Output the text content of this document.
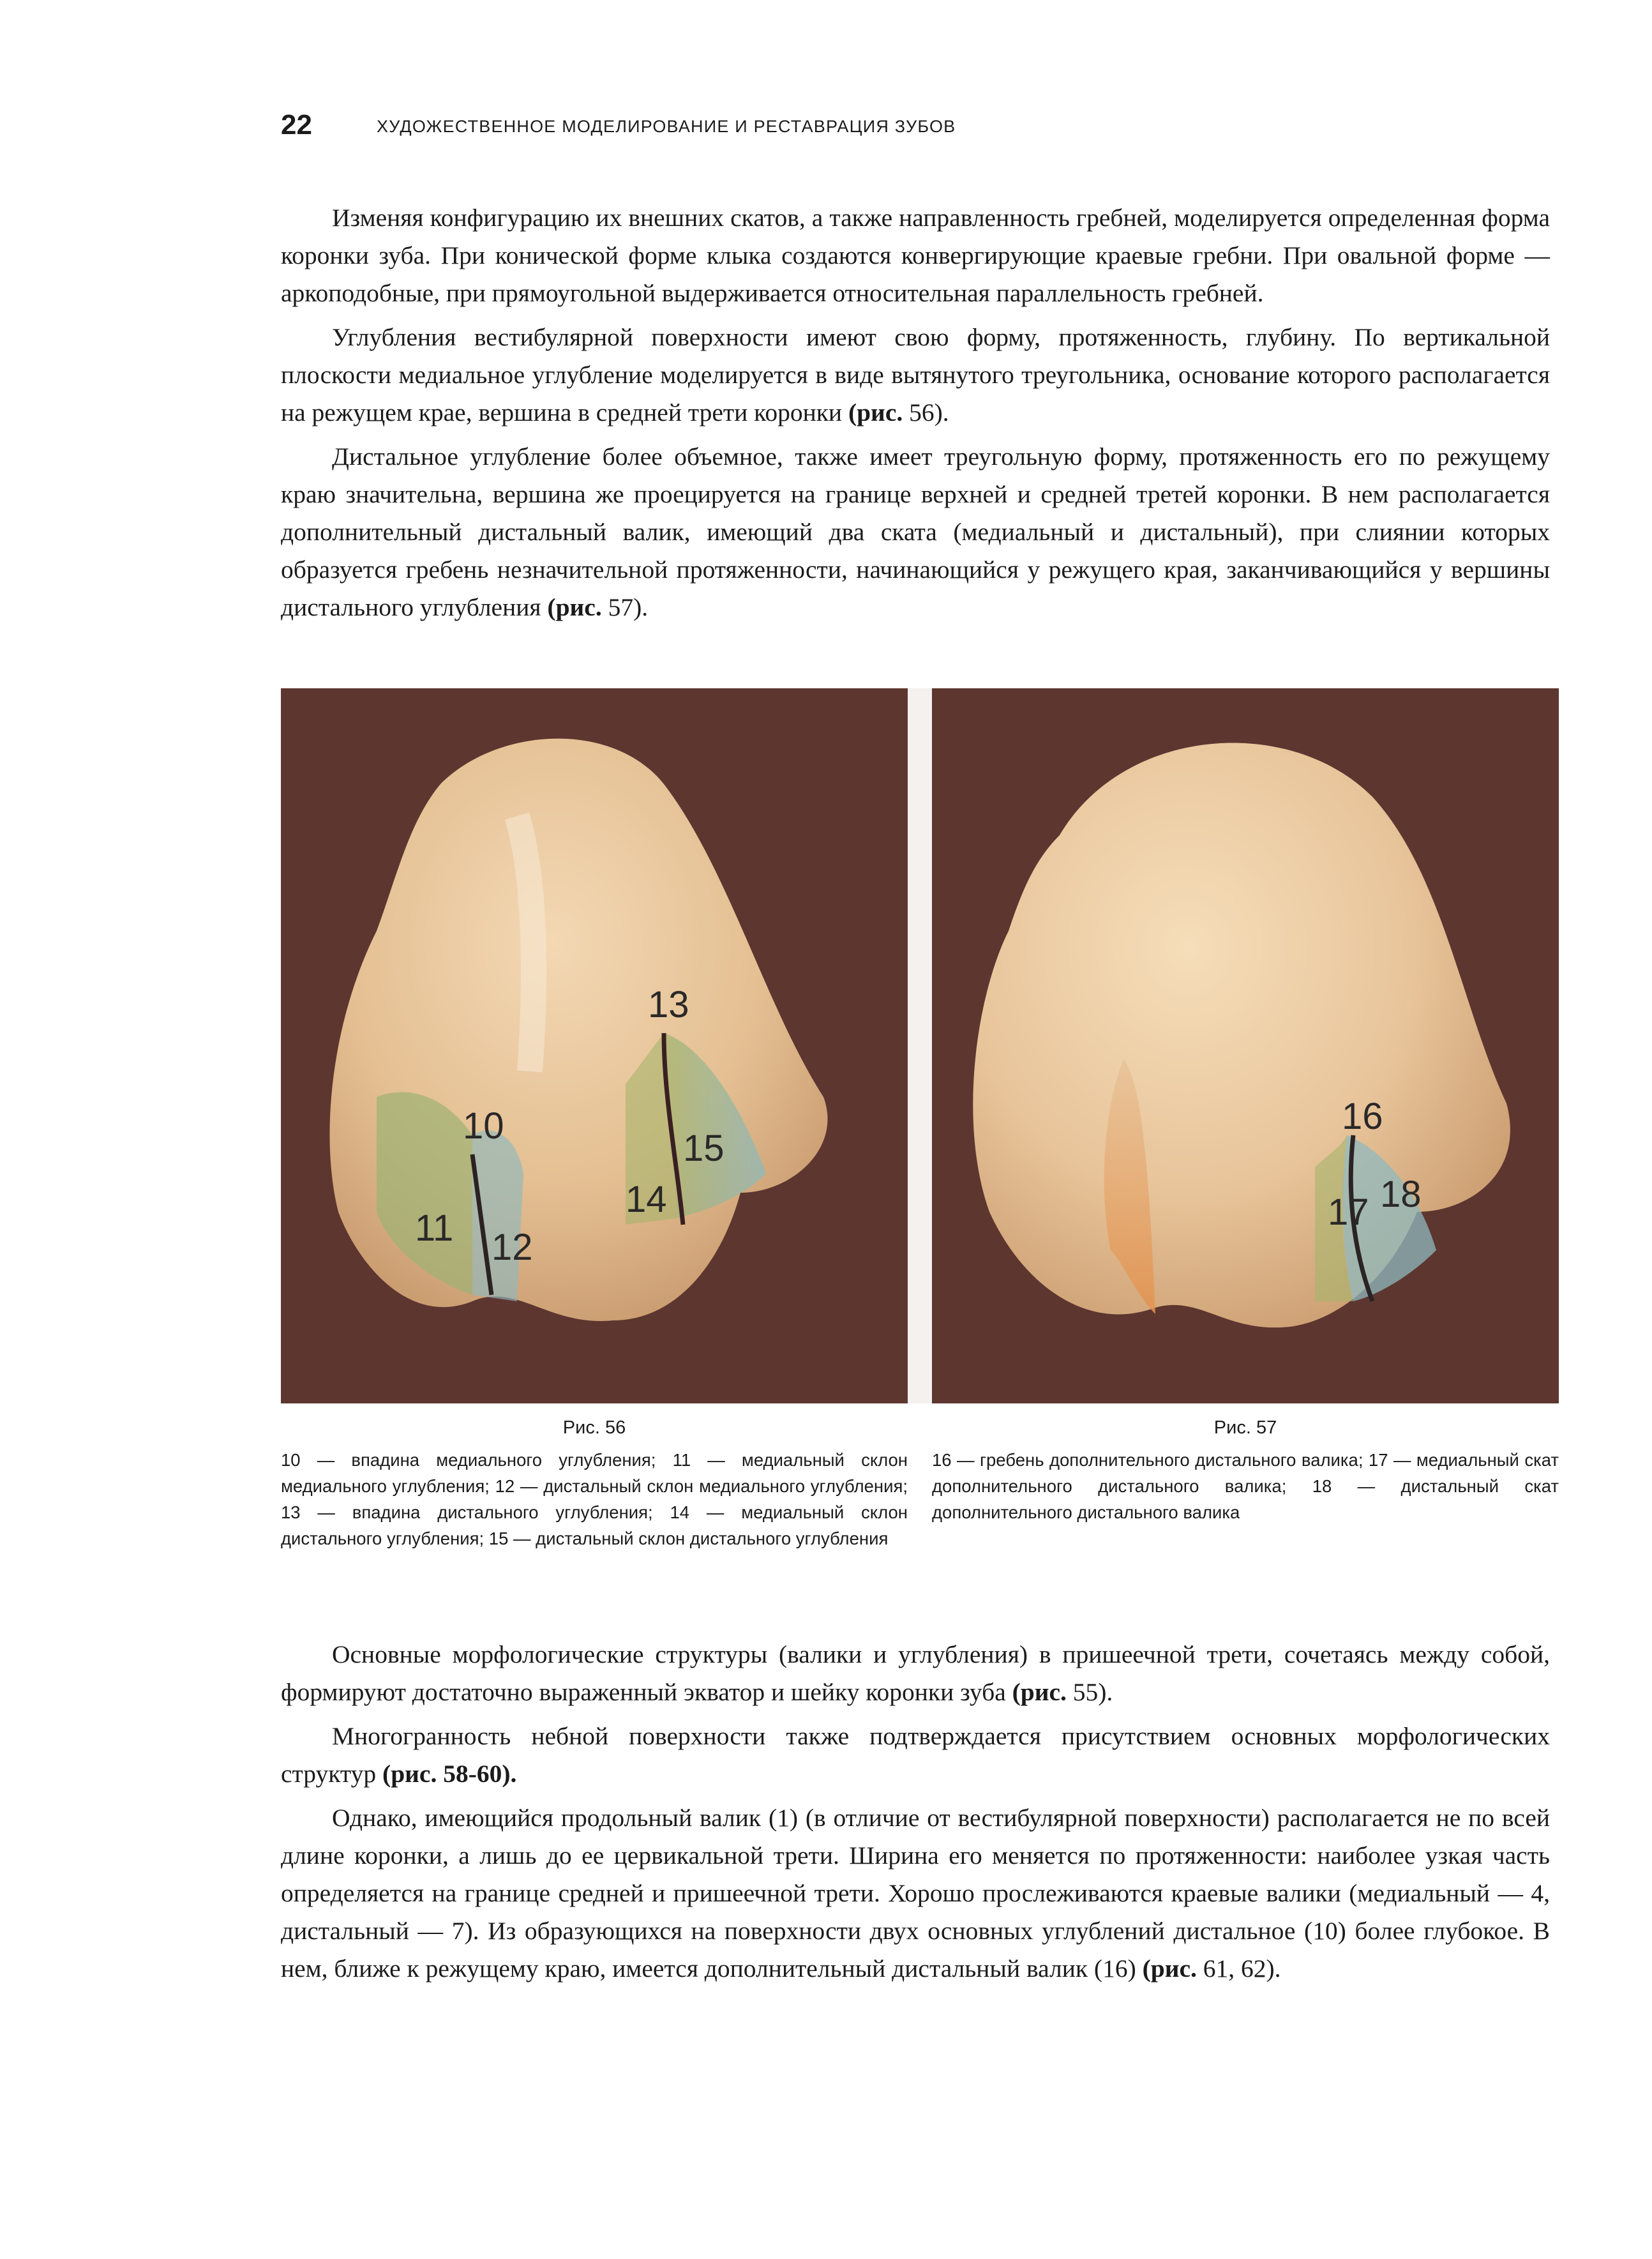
22	ХУДОЖЕСТВЕННОЕ МОДЕЛИРОВАНИЕ И РЕСТАВРАЦИЯ ЗУБОВ

Изменяя конфигурацию их внешних скатов, а также направленность гребней, моделируется определенная форма коронки зуба. При конической форме клыка создаются конвергирующие краевые гребни. При овальной форме — аркоподобные, при прямоугольной выдерживается относительная параллельность гребней.

Углубления вестибулярной поверхности имеют свою форму, протяженность, глубину. По вертикальной плоскости медиальное углубление моделируется в виде вытянутого треугольника, основание которого располагается на режущем крае, вершина в средней трети коронки (рис. 56).

Дистальное углубление более объемное, также имеет треугольную форму, протяженность его по режущему краю значительна, вершина же проецируется на границе верхней и средней третей коронки. В нем располагается дополнительный дистальный валик, имеющий два ската (медиальный и дистальный), при слиянии которых образуется гребень незначительной протяженности, начинающийся у режущего края, заканчивающийся у вершины дистального углубления (рис. 57).

10
11 12
13
14
15
Рис. 56
10 — впадина медиального углубления; 11 — медиальный склон медиального углубления; 12 — дистальный склон медиального углубления; 13 — впадина дистального углубления; 14 — медиальный склон дистального углубления; 15 — дистальный склон дистального углубления
16
17 18
Рис. 57
16 — гребень дополнительного дистального валика; 17 — медиальный скат дополнительного дистального валика; 18 — дистальный скат дополнительного дистального валика

Основные морфологические структуры (валики и углубления) в пришеечной трети, сочетаясь между собой, формируют достаточно выраженный экватор и шейку коронки зуба (рис. 55).

Многогранность небной поверхности также подтверждается присутствием основных морфологических структур (рис. 58-60).

Однако, имеющийся продольный валик (1) (в отличие от вестибулярной поверхности) располагается не по всей длине коронки, а лишь до ее цервикальной трети. Ширина его меняется по протяженности: наиболее узкая часть определяется на границе средней и пришеечной трети. Хорошо прослеживаются краевые валики (медиальный — 4, дистальный — 7). Из образующихся на поверхности двух основных углублений дистальное (10) более глубокое. В нем, ближе к режущему краю, имеется дополнительный дистальный валик (16) (рис. 61, 62).
